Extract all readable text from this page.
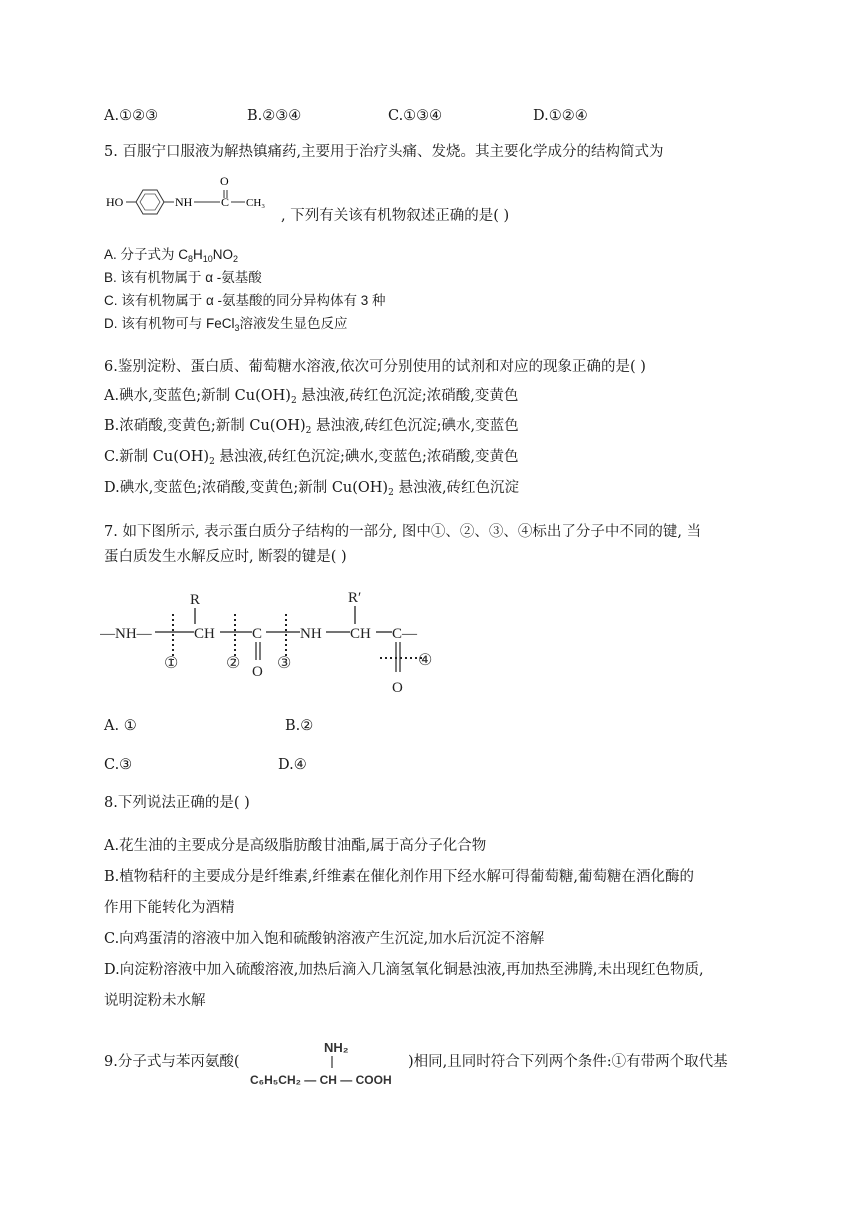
A.①②③	B.②③④	C.①③④	D.①②④
5. 百服宁口服液为解热镇痛药,主要用于治疗头痛、发烧。其主要化学成分的结构简式为
HO	NH C
O
CH₃
, 下列有关该有机物叙述正确的是( )
A. 分子式为 $C_8H_{10}NO_2$
B. 该有机物属于 α -氨基酸
C. 该有机物属于 α -氨基酸的同分异构体有 3 种
D. 该有机物可与 FeCl$_3$溶液发生显色反应
6.鉴别淀粉、蛋白质、葡萄糖水溶液,依次可分别使用的试剂和对应的现象正确的是( )
A.碘水,变蓝色;新制 $Cu(OH)_2$ 悬浊液,砖红色沉淀;浓硝酸,变黄色
B.浓硝酸,变黄色;新制 $Cu(OH)_2$ 悬浊液,砖红色沉淀;碘水,变蓝色
C.新制 $Cu(OH)_2$ 悬浊液,砖红色沉淀;碘水,变蓝色;浓硝酸,变黄色
D.碘水,变蓝色;浓硝酸,变黄色;新制 $Cu(OH)_2$ 悬浊液,砖红色沉淀
7. 如下图所示, 表示蛋白质分子结构的一部分, 图中①、②、③、④标出了分子中不同的键, 当
蛋白质发生水解反应时, 断裂的键是( )
—NH—	CH C	NH CH C—
R	R′
O
O
①	② ③	④
A. ①	B.②
C.③	D.④
8.下列说法正确的是( )
A.花生油的主要成分是高级脂肪酸甘油酯,属于高分子化合物
B.植物秸秆的主要成分是纤维素,纤维素在催化剂作用下经水解可得葡萄糖,葡萄糖在酒化酶的
作用下能转化为酒精
C.向鸡蛋清的溶液中加入饱和硫酸钠溶液产生沉淀,加水后沉淀不溶解
D.向淀粉溶液中加入硫酸溶液,加热后滴入几滴氢氧化铜悬浊液,再加热至沸腾,未出现红色物质,
说明淀粉未水解
9.分子式与苯丙氨酸(
NH₂
C₆H₅CH₂ — CH — COOH
)相同,且同时符合下列两个条件:①有带两个取代基
